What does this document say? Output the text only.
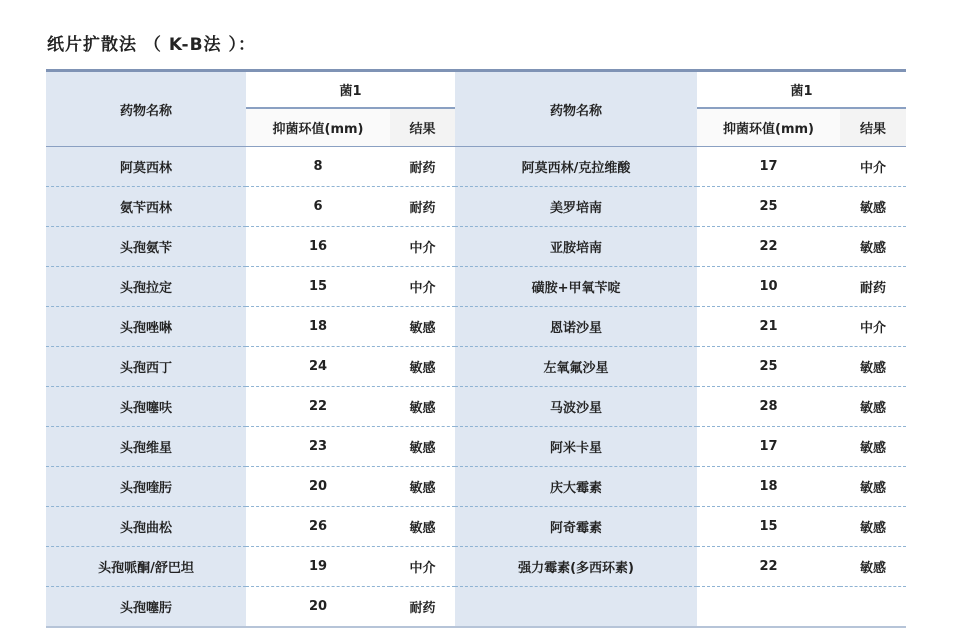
纸片扩散法 （ K-B法 ）：
药物名称	菌1		药物名称	菌1	
	抑菌环值(mm)	结果		抑菌环值(mm)	结果
阿莫西林	8	耐药	阿莫西林/克拉维酸	17	中介
氨苄西林	6	耐药	美罗培南	25	敏感
头孢氨苄	16	中介	亚胺培南	22	敏感
头孢拉定	15	中介	磺胺+甲氧苄啶	10	耐药
头孢唑啉	18	敏感	恩诺沙星	21	中介
头孢西丁	24	敏感	左氧氟沙星	25	敏感
头孢噻呋	22	敏感	马波沙星	28	敏感
头孢维星	23	敏感	阿米卡星	17	敏感
头孢喹肟	20	敏感	庆大霉素	18	敏感
头孢曲松	26	敏感	阿奇霉素	15	敏感
头孢哌酮/舒巴坦	19	中介	强力霉素(多西环素)	22	敏感
头孢噻肟	20	耐药			
